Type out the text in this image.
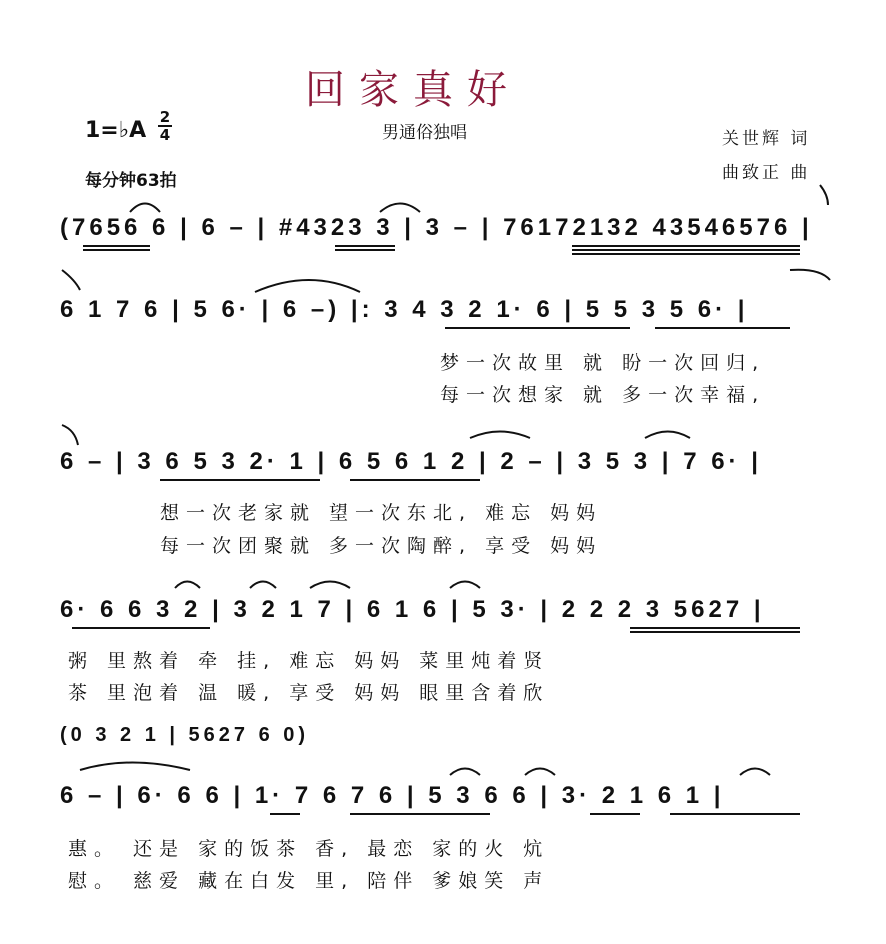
回家真好
1=♭A
2
4
每分钟63拍
男通俗独唱	关世辉 词
曲致正 曲
(7656 6 | 6 – | #4323 3 | 3 – | 76172132 43546576 |
6 1 7 6 | 5 6· | 6 –) |: 3 4 3 2 1· 6 | 5 5 3 5 6· |
梦一次故里 就 盼一次回归,
每一次想家 就 多一次幸福,
6 – | 3 6 5 3 2· 1 | 6 5 6 1 2 | 2 – | 3 5 3 | 7 6· |
想一次老家就 望一次东北, 难忘 妈妈
每一次团聚就 多一次陶醉, 享受 妈妈
6· 6 6 3 2 | 3 2 1 7 | 6 1 6 | 5 3· | 2 2 2 3 5627 |
粥 里熬着 牵 挂, 难忘 妈妈 菜里炖着贤
茶 里泡着 温 暖, 享受 妈妈 眼里含着欣
(0 3 2 1 | 5627 6 0)
6 – | 6· 6 6 | 1· 7 6 7 6 | 5 3 6 6 | 3· 2 1 6 1 |
惠。 还是 家的饭茶 香, 最恋 家的火 炕
慰。 慈爱 藏在白发 里, 陪伴 爹娘笑 声
